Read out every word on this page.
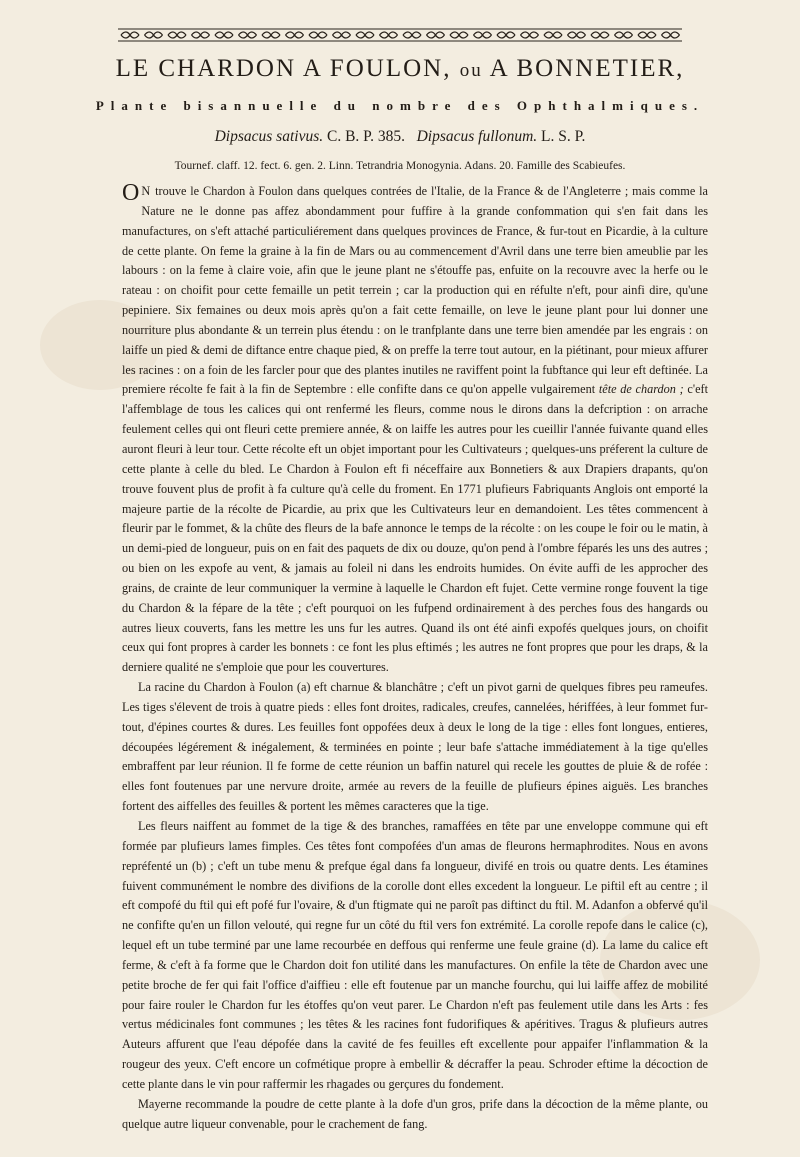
LE CHARDON A FOULON, ou A BONNETIER,
Plante bisannuelle du nombre des Ophthalmiques.
Dipsacus sativus. C. B. P. 385. Dipsacus fullonum. L. S. P.
Tournef. claff. 12. fect. 6. gen. 2. Linn. Tetrandria Monogynia. Adans. 20. Famille des Scabieufes.

O N trouve le Chardon à Foulon dans quelques contrées de l'Italie, de la France & de l'Angleterre ; mais comme la Nature ne le donne pas affez abondamment pour fuffire à la grande confommation qui s'en fait dans les manufactures, on s'eft attaché particuliérement dans quelques provinces de France, & fur-tout en Picardie, à la culture de cette plante. On feme la graine à la fin de Mars ou au commencement d'Avril dans une terre bien ameublie par les labours : on la feme à claire voie, afin que le jeune plant ne s'étouffe pas, enfuite on la recouvre avec la herfe ou le rateau : on choifit pour cette femaille un petit terrein ; car la production qui en réfulte n'eft, pour ainfi dire, qu'une pepiniere. Six femaines ou deux mois après qu'on a fait cette femaille, on leve le jeune plant pour lui donner une nourriture plus abondante & un terrein plus étendu : on le tranfplante dans une terre bien amendée par les engrais : on laiffe un pied & demi de diftance entre chaque pied, & on preffe la terre tout autour, en la piétinant, pour mieux affurer les racines : on a foin de les farcler pour que des plantes inutiles ne raviffent point la fubftance qui leur eft deftinée. La premiere récolte fe fait à la fin de Septembre : elle confifte dans ce qu'on appelle vulgairement tête de chardon ; c'eft l'affemblage de tous les calices qui ont renfermé les fleurs, comme nous le dirons dans la defcription : on arrache feulement celles qui ont fleuri cette premiere année, & on laiffe les autres pour les cueillir l'année fuivante quand elles auront fleuri à leur tour. Cette récolte eft un objet important pour les Cultivateurs ; quelques-uns préferent la culture de cette plante à celle du bled. Le Chardon à Foulon eft fi néceffaire aux Bonnetiers & aux Drapiers drapants, qu'on trouve fouvent plus de profit à fa culture qu'à celle du froment. En 1771 plufieurs Fabriquants Anglois ont emporté la majeure partie de la récolte de Picardie, au prix que les Cultivateurs leur en demandoient. Les têtes commencent à fleurir par le fommet, & la chûte des fleurs de la bafe annonce le temps de la récolte : on les coupe le foir ou le matin, à un demi-pied de longueur, puis on en fait des paquets de dix ou douze, qu'on pend à l'ombre féparés les uns des autres ; ou bien on les expofe au vent, & jamais au foleil ni dans les endroits humides. On évite auffi de les approcher des grains, de crainte de leur communiquer la vermine à laquelle le Chardon eft fujet. Cette vermine ronge fouvent la tige du Chardon & la fépare de la tête ; c'eft pourquoi on les fufpend ordinairement à des perches fous des hangards ou autres lieux couverts, fans les mettre les uns fur les autres. Quand ils ont été ainfi expofés quelques jours, on choifit ceux qui font propres à carder les bonnets : ce font les plus eftimés ; les autres ne font propres que pour les draps, & la derniere qualité ne s'emploie que pour les couvertures.

La racine du Chardon à Foulon (a) eft charnue & blanchâtre ; c'eft un pivot garni de quelques fibres peu rameufes. Les tiges s'élevent de trois à quatre pieds : elles font droites, radicales, creufes, cannelées, hériffées, à leur fommet fur-tout, d'épines courtes & dures. Les feuilles font oppofées deux à deux le long de la tige : elles font longues, entieres, découpées légérement & inégalement, & terminées en pointe ; leur bafe s'attache immédiatement à la tige qu'elles embraffent par leur réunion. Il fe forme de cette réunion un baffin naturel qui recele les gouttes de pluie & de rofée : elles font foutenues par une nervure droite, armée au revers de la feuille de plufieurs épines aiguës. Les branches fortent des aiffelles des feuilles & portent les mêmes caracteres que la tige.

Les fleurs naiffent au fommet de la tige & des branches, ramaffées en tête par une enveloppe commune qui eft formée par plufieurs lames fimples. Ces têtes font compofées d'un amas de fleurons hermaphrodites. Nous en avons repréfenté un (b) ; c'eft un tube menu & prefque égal dans fa longueur, divifé en trois ou quatre dents. Les étamines fuivent communément le nombre des divifions de la corolle dont elles excedent la longueur. Le piftil eft au centre ; il eft compofé du ftil qui eft pofé fur l'ovaire, & d'un ftigmate qui ne paroît pas diftinct du ftil. M. Adanfon a obfervé qu'il ne confifte qu'en un fillon velouté, qui regne fur un côté du ftil vers fon extrémité. La corolle repofe dans le calice (c), lequel eft un tube terminé par une lame recourbée en deffous qui renferme une feule graine (d). La lame du calice eft ferme, & c'eft à fa forme que le Chardon doit fon utilité dans les manufactures. On enfile la tête de Chardon avec une petite broche de fer qui fait l'office d'aiffieu : elle eft foutenue par un manche fourchu, qui lui laiffe affez de mobilité pour faire rouler le Chardon fur les étoffes qu'on veut parer. Le Chardon n'eft pas feulement utile dans les Arts : fes vertus médicinales font communes ; les têtes & les racines font fudorifiques & apéritives. Tragus & plufieurs autres Auteurs affurent que l'eau dépofée dans la cavité de fes feuilles eft excellente pour appaifer l'inflammation & la rougeur des yeux. C'eft encore un cofmétique propre à embellir & décraffer la peau. Schroder eftime la décoction de cette plante dans le vin pour raffermir les rhagades ou gerçures du fondement.

Mayerne recommande la poudre de cette plante à la dofe d'un gros, prife dans la décoction de la même plante, ou quelque autre liqueur convenable, pour le crachement de fang.
